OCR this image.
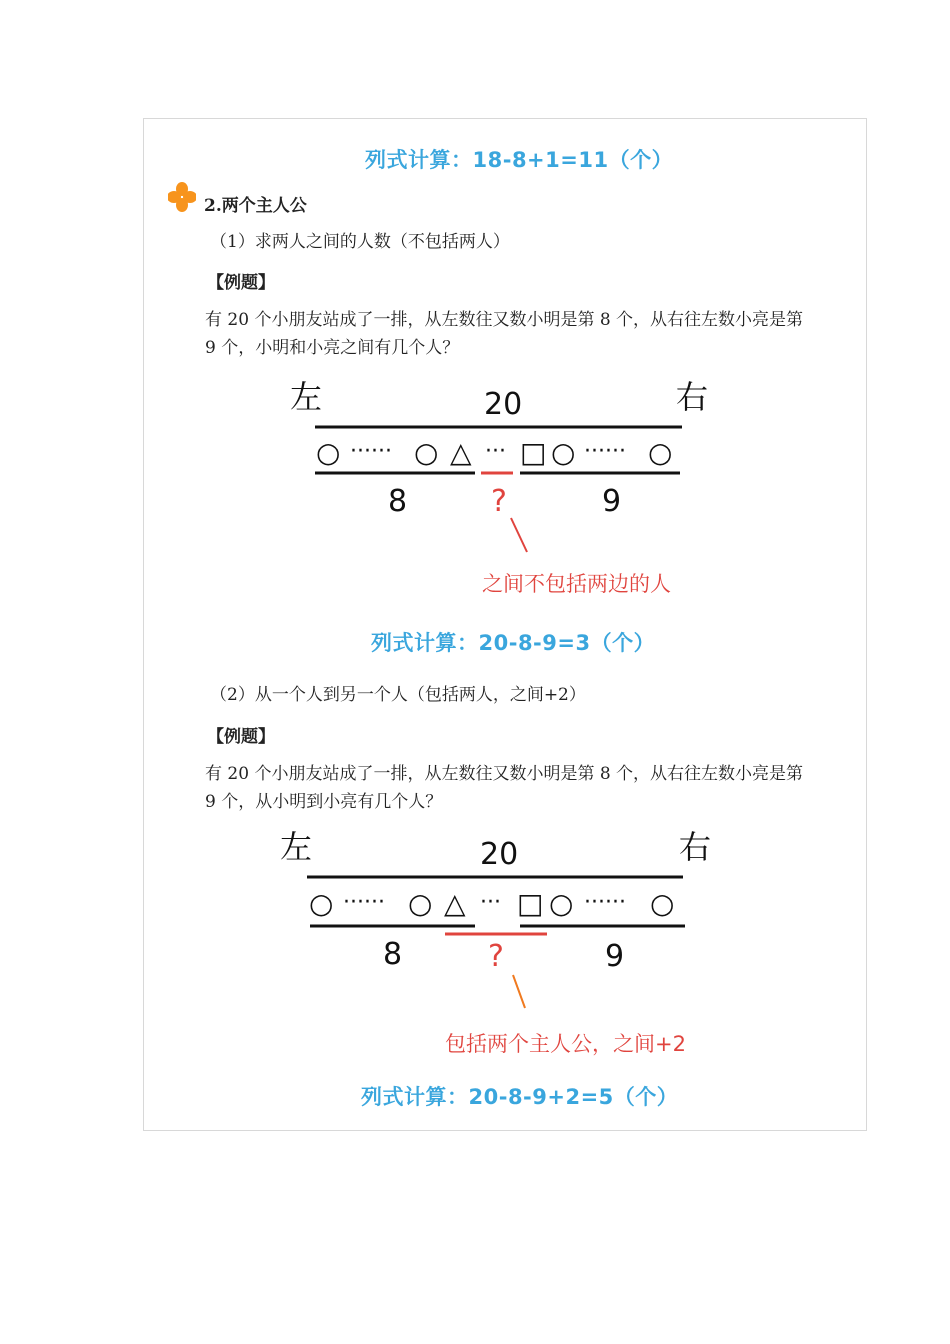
列式计算：18-8+1=11（个）
2.两个主人公
（1）求两人之间的人数（不包括两人）
【例题】
有 20 个小朋友站成了一排，从左数往又数小明是第 8 个，从右往左数小亮是第
9 个，小明和小亮之间有几个人？
左	右
20
○ ······ ○ △ ··· □ ○ ······ ○
8	?	9
之间不包括两边的人
列式计算：20-8-9=3（个）
（2）从一个人到另一个人（包括两人，之间+2）
【例题】
有 20 个小朋友站成了一排，从左数往又数小明是第 8 个，从右往左数小亮是第
9 个，从小明到小亮有几个人？
左	右
20
○ ······ ○ △ ··· □ ○ ······ ○
8	?	9
包括两个主人公，之间+2
列式计算：20-8-9+2=5（个）
